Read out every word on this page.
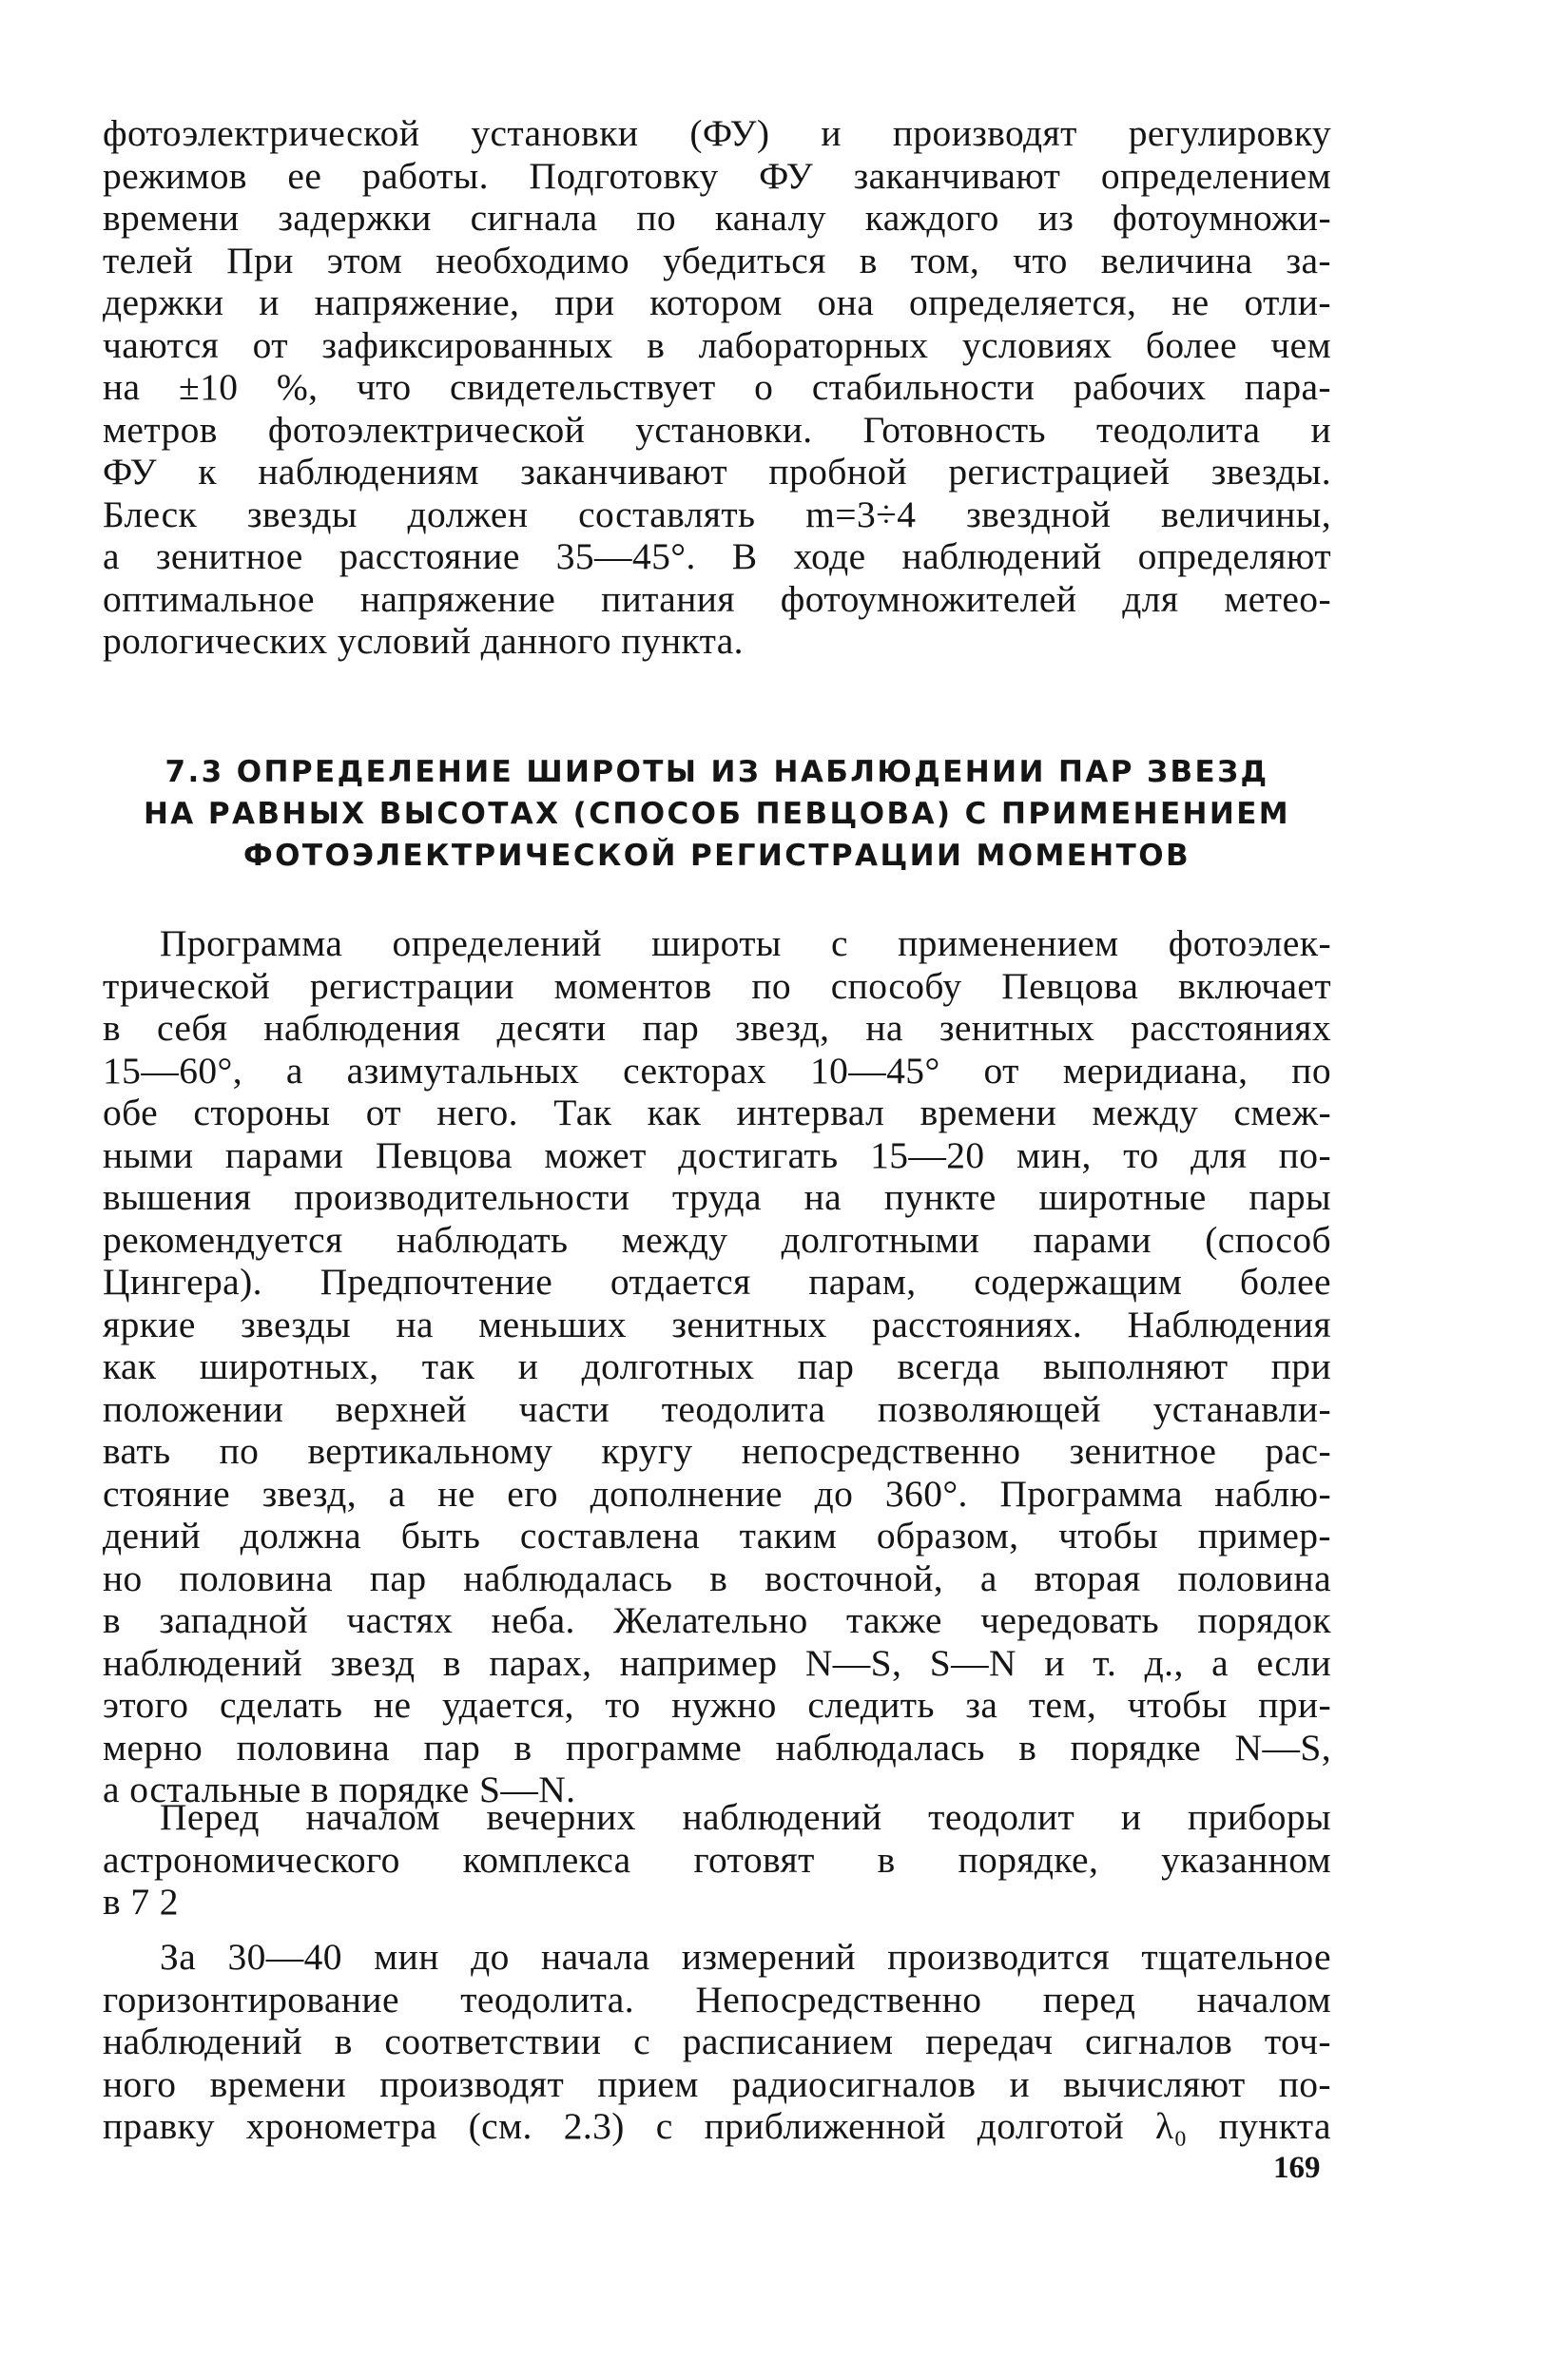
фотоэлектрической установки (ФУ) и производят регулировку
режимов ее работы. Подготовку ФУ заканчивают определением
времени задержки сигнала по каналу каждого из фотоумножи-
телей При этом необходимо убедиться в том, что величина за-
держки и напряжение, при котором она определяется, не отли-
чаются от зафиксированных в лабораторных условиях более чем
на ±10 %, что свидетельствует о стабильности рабочих пара-
метров фотоэлектрической установки. Готовность теодолита и
ФУ к наблюдениям заканчивают пробной регистрацией звезды.
Блеск звезды должен составлять m=3÷4 звездной величины,
а зенитное расстояние 35—45°. В ходе наблюдений определяют
оптимальное напряжение питания фотоумножителей для метео-
рологических условий данного пункта.

7.3 ОПРЕДЕЛЕНИЕ ШИРОТЫ ИЗ НАБЛЮДЕНИИ ПАР ЗВЕЗД
НА РАВНЫХ ВЫСОТАХ (СПОСОБ ПЕВЦОВА) С ПРИМЕНЕНИЕМ
ФОТОЭЛЕКТРИЧЕСКОЙ РЕГИСТРАЦИИ МОМЕНТОВ

Программа определений широты с применением фотоэлек-
трической регистрации моментов по способу Певцова включает
в себя наблюдения десяти пар звезд, на зенитных расстояниях
15—60°, а азимутальных секторах 10—45° от меридиана, по
обе стороны от него. Так как интервал времени между смеж-
ными парами Певцова может достигать 15—20 мин, то для по-
вышения производительности труда на пункте широтные пары
рекомендуется наблюдать между долготными парами (способ
Цингера). Предпочтение отдается парам, содержащим более
яркие звезды на меньших зенитных расстояниях. Наблюдения
как широтных, так и долготных пар всегда выполняют при
положении верхней части теодолита позволяющей устанавли-
вать по вертикальному кругу непосредственно зенитное рас-
стояние звезд, а не его дополнение до 360°. Программа наблю-
дений должна быть составлена таким образом, чтобы пример-
но половина пар наблюдалась в восточной, а вторая половина
в западной частях неба. Желательно также чередовать порядок
наблюдений звезд в парах, например N—S, S—N и т. д., а если
этого сделать не удается, то нужно следить за тем, чтобы при-
мерно половина пар в программе наблюдалась в порядке N—S,
а остальные в порядке S—N.

Перед началом вечерних наблюдений теодолит и приборы
астрономического комплекса готовят в порядке, указанном
в 7 2

За 30—40 мин до начала измерений производится тщательное
горизонтирование теодолита. Непосредственно перед началом
наблюдений в соответствии с расписанием передач сигналов точ-
ного времени производят прием радиосигналов и вычисляют по-
правку хронометра (см. 2.3) с приближенной долготой λ₀ пункта

169
